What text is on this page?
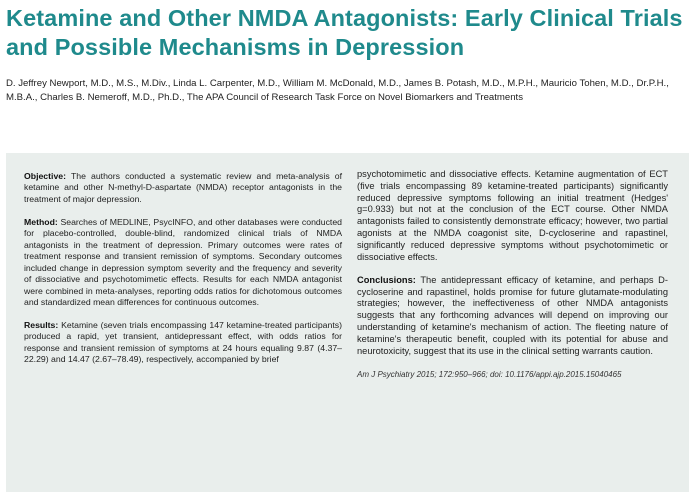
Ketamine and Other NMDA Antagonists: Early Clinical Trials and Possible Mechanisms in Depression

D. Jeffrey Newport, M.D., M.S., M.Div., Linda L. Carpenter, M.D., William M. McDonald, M.D., James B. Potash, M.D., M.P.H., Mauricio Tohen, M.D., Dr.P.H., M.B.A., Charles B. Nemeroff, M.D., Ph.D., The APA Council of Research Task Force on Novel Biomarkers and Treatments

Objective: The authors conducted a systematic review and meta-analysis of ketamine and other N-methyl-D-aspartate (NMDA) receptor antagonists in the treatment of major depression.

Method: Searches of MEDLINE, PsycINFO, and other databases were conducted for placebo-controlled, double-blind, randomized clinical trials of NMDA antagonists in the treatment of depression. Primary outcomes were rates of treatment response and transient remission of symptoms. Secondary outcomes included change in depression symptom severity and the frequency and severity of dissociative and psychotomimetic effects. Results for each NMDA antagonist were combined in meta-analyses, reporting odds ratios for dichotomous outcomes and standardized mean differences for continuous outcomes.

Results: Ketamine (seven trials encompassing 147 ketamine-treated participants) produced a rapid, yet transient, antidepressant effect, with odds ratios for response and transient remission of symptoms at 24 hours equaling 9.87 (4.37–22.29) and 14.47 (2.67–78.49), respectively, accompanied by brief

psychotomimetic and dissociative effects. Ketamine augmentation of ECT (five trials encompassing 89 ketamine-treated participants) significantly reduced depressive symptoms following an initial treatment (Hedges' g=0.933) but not at the conclusion of the ECT course. Other NMDA antagonists failed to consistently demonstrate efficacy; however, two partial agonists at the NMDA coagonist site, D-cycloserine and rapastinel, significantly reduced depressive symptoms without psychotomimetic or dissociative effects.

Conclusions: The antidepressant efficacy of ketamine, and perhaps D-cycloserine and rapastinel, holds promise for future glutamate-modulating strategies; however, the ineffectiveness of other NMDA antagonists suggests that any forthcoming advances will depend on improving our understanding of ketamine's mechanism of action. The fleeting nature of ketamine's therapeutic benefit, coupled with its potential for abuse and neurotoxicity, suggest that its use in the clinical setting warrants caution.

Am J Psychiatry 2015; 172:950–966; doi: 10.1176/appi.ajp.2015.15040465
